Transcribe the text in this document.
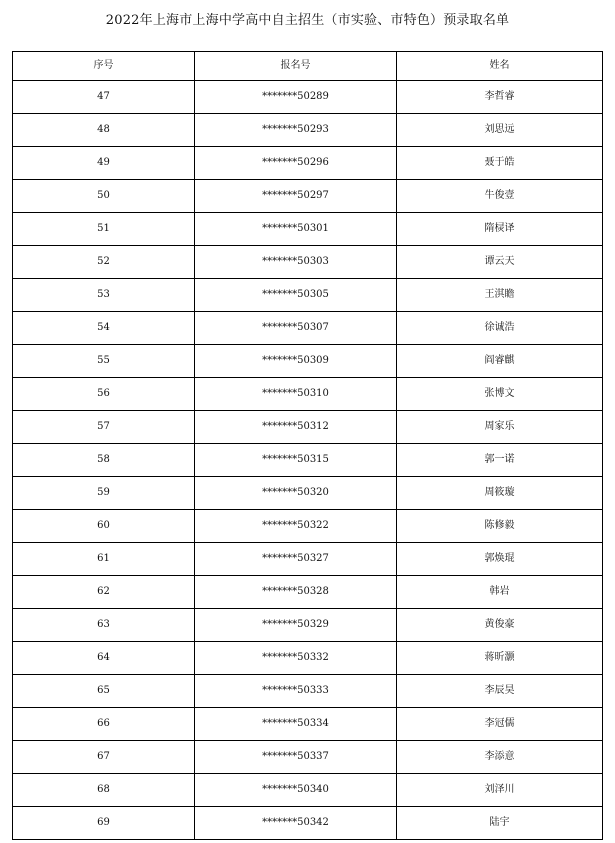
2022年上海市上海中学高中自主招生（市实验、市特色）预录取名单
序号	报名号	姓名
47	*******50289	李哲睿
48	*******50293	刘思远
49	*******50296	聂于皓
50	*******50297	牛俊壹
51	*******50301	隋棂译
52	*******50303	谭云天
53	*******50305	王淇瞻
54	*******50307	徐诚浩
55	*******50309	阎睿麒
56	*******50310	张博文
57	*******50312	周家乐
58	*******50315	郭一诺
59	*******50320	周筱璇
60	*******50322	陈修毅
61	*******50327	郭焕琨
62	*******50328	韩岩
63	*******50329	黄俊豪
64	*******50332	蒋昕灏
65	*******50333	李辰昊
66	*******50334	李冠儒
67	*******50337	李添意
68	*******50340	刘泽川
69	*******50342	陆宇
